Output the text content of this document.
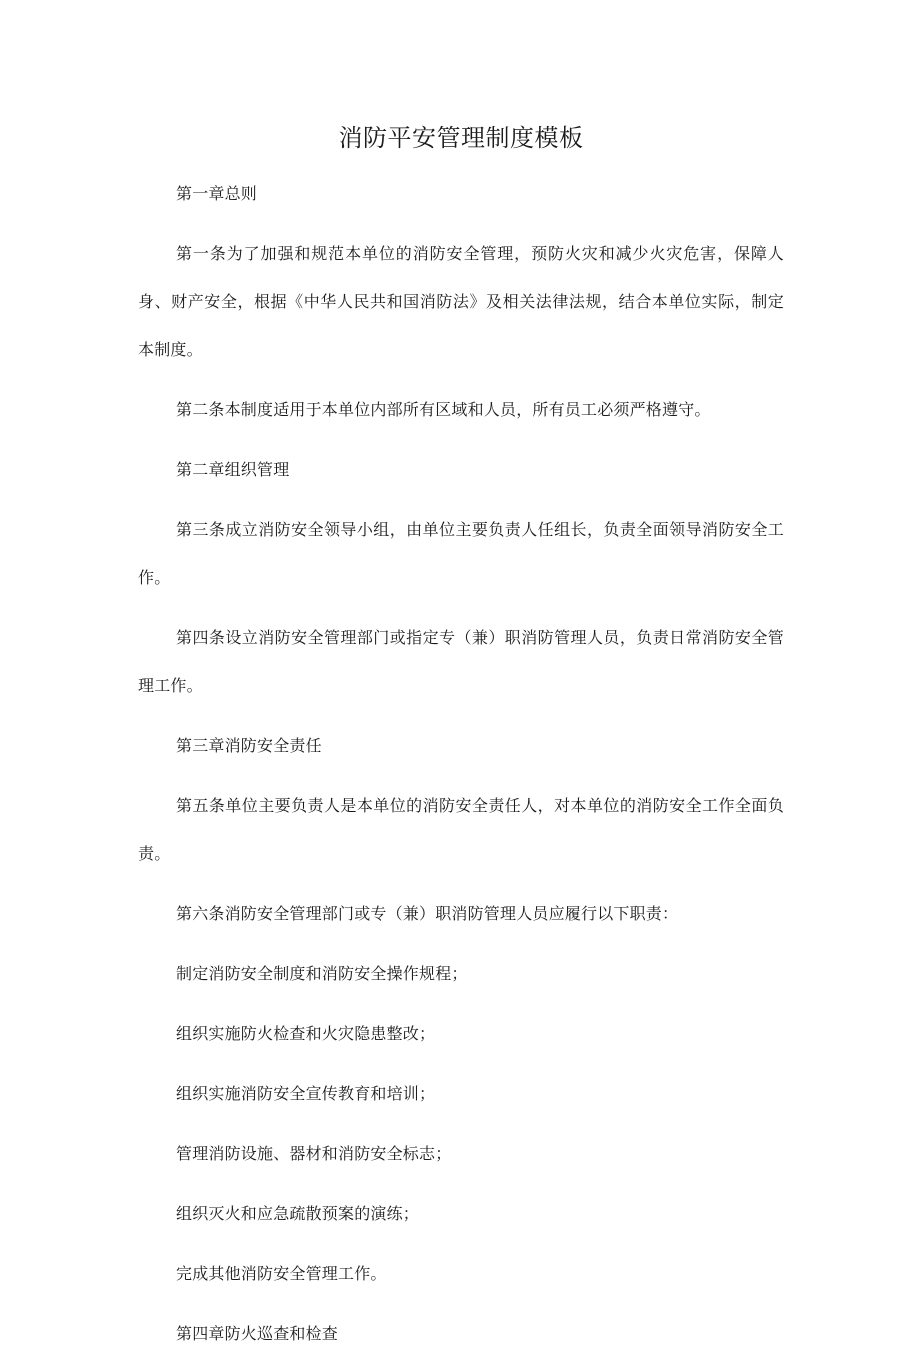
消防平安管理制度模板

第一章总则

第一条为了加强和规范本单位的消防安全管理，预防火灾和减少火灾危害，保障人身、财产安全，根据《中华人民共和国消防法》及相关法律法规，结合本单位实际，制定本制度。

第二条本制度适用于本单位内部所有区域和人员，所有员工必须严格遵守。

第二章组织管理

第三条成立消防安全领导小组，由单位主要负责人任组长，负责全面领导消防安全工作。

第四条设立消防安全管理部门或指定专（兼）职消防管理人员，负责日常消防安全管理工作。

第三章消防安全责任

第五条单位主要负责人是本单位的消防安全责任人，对本单位的消防安全工作全面负责。

第六条消防安全管理部门或专（兼）职消防管理人员应履行以下职责：

制定消防安全制度和消防安全操作规程；

组织实施防火检查和火灾隐患整改；

组织实施消防安全宣传教育和培训；

管理消防设施、器材和消防安全标志；

组织灭火和应急疏散预案的演练；

完成其他消防安全管理工作。

第四章防火巡查和检查
